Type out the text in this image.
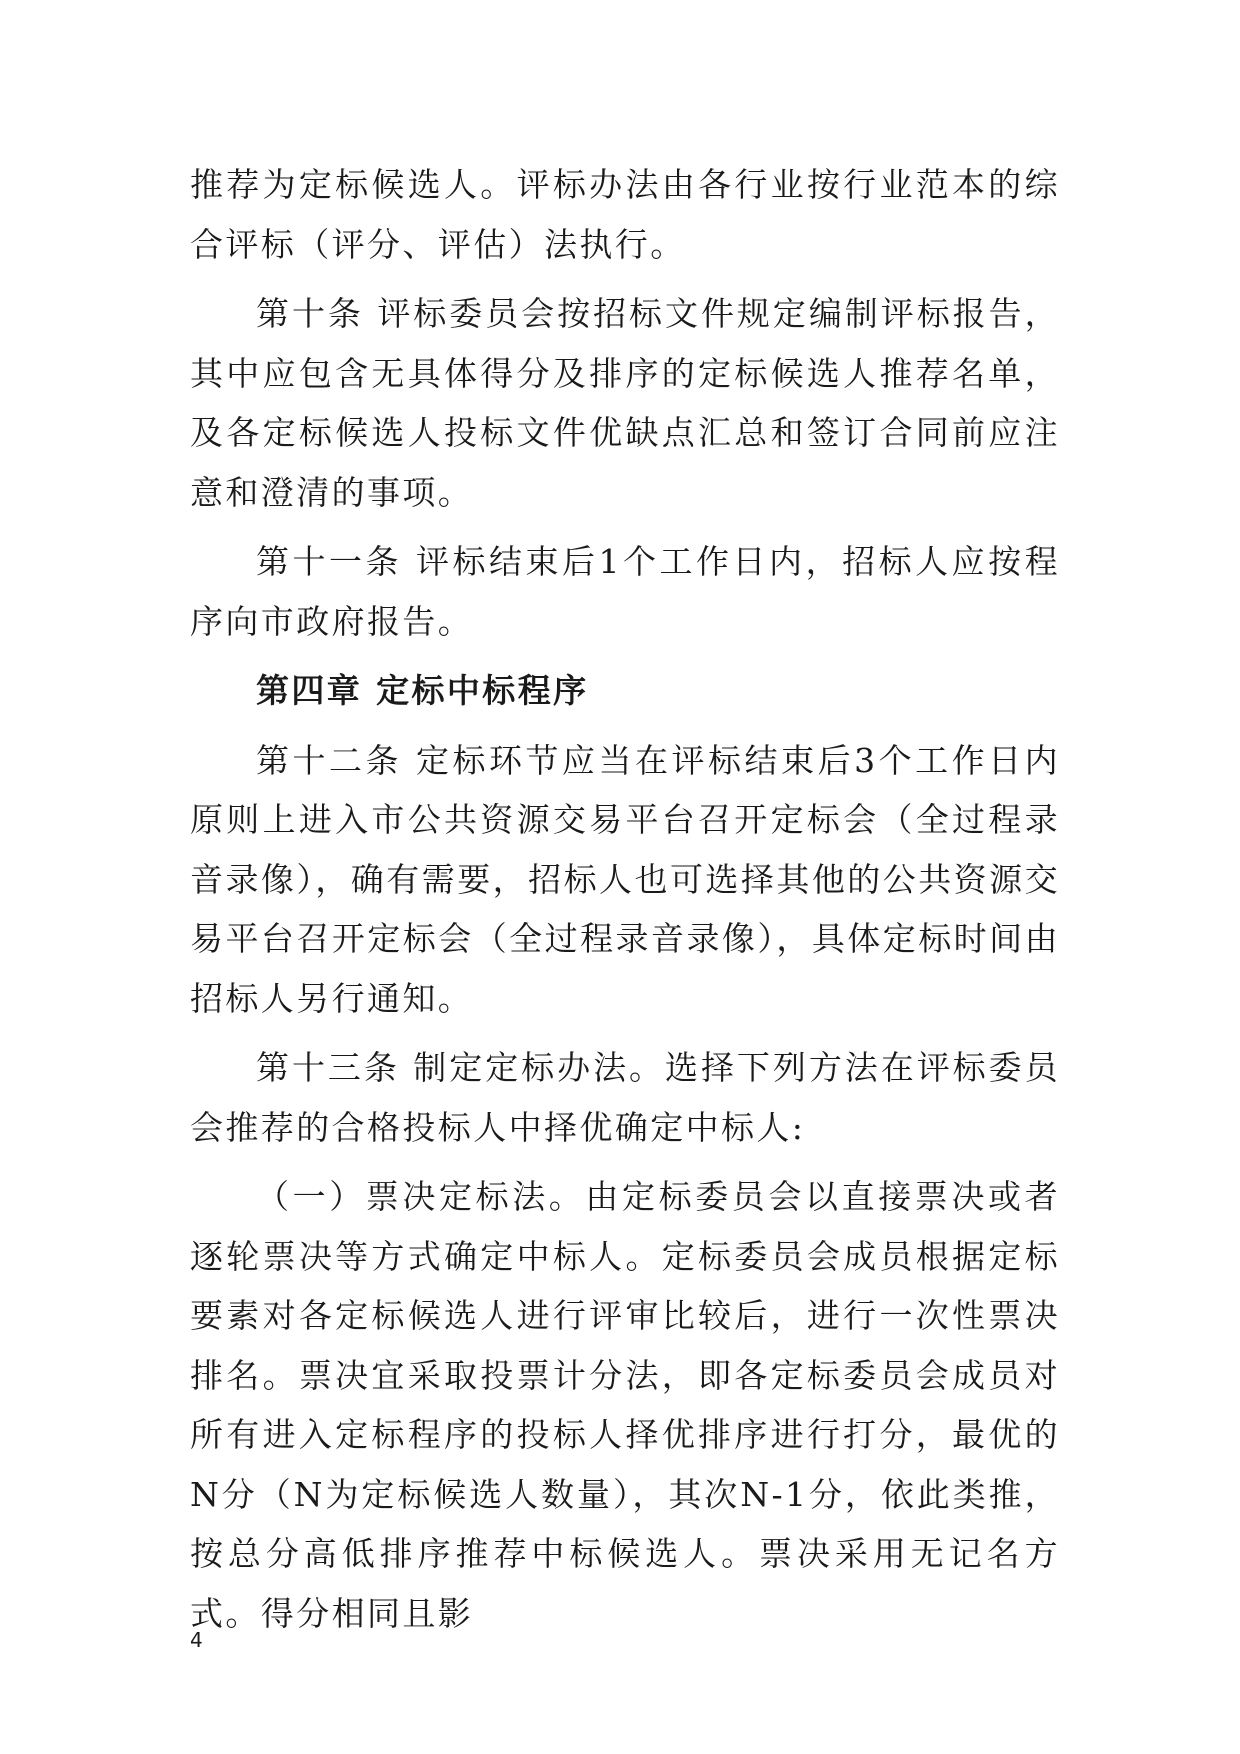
推荐为定标候选人。评标办法由各行业按行业范本的综合评标（评分、评估）法执行。

第十条 评标委员会按招标文件规定编制评标报告，其中应包含无具体得分及排序的定标候选人推荐名单，及各定标候选人投标文件优缺点汇总和签订合同前应注意和澄清的事项。

第十一条 评标结束后1个工作日内，招标人应按程序向市政府报告。

第四章 定标中标程序

第十二条 定标环节应当在评标结束后3个工作日内原则上进入市公共资源交易平台召开定标会（全过程录音录像），确有需要，招标人也可选择其他的公共资源交易平台召开定标会（全过程录音录像），具体定标时间由招标人另行通知。

第十三条 制定定标办法。选择下列方法在评标委员会推荐的合格投标人中择优确定中标人:

（一）票决定标法。由定标委员会以直接票决或者逐轮票决等方式确定中标人。定标委员会成员根据定标要素对各定标候选人进行评审比较后，进行一次性票决排名。票决宜采取投票计分法，即各定标委员会成员对所有进入定标程序的投标人择优排序进行打分，最优的N分（N为定标候选人数量），其次N-1分，依此类推，按总分高低排序推荐中标候选人。票决采用无记名方式。得分相同且影

4
